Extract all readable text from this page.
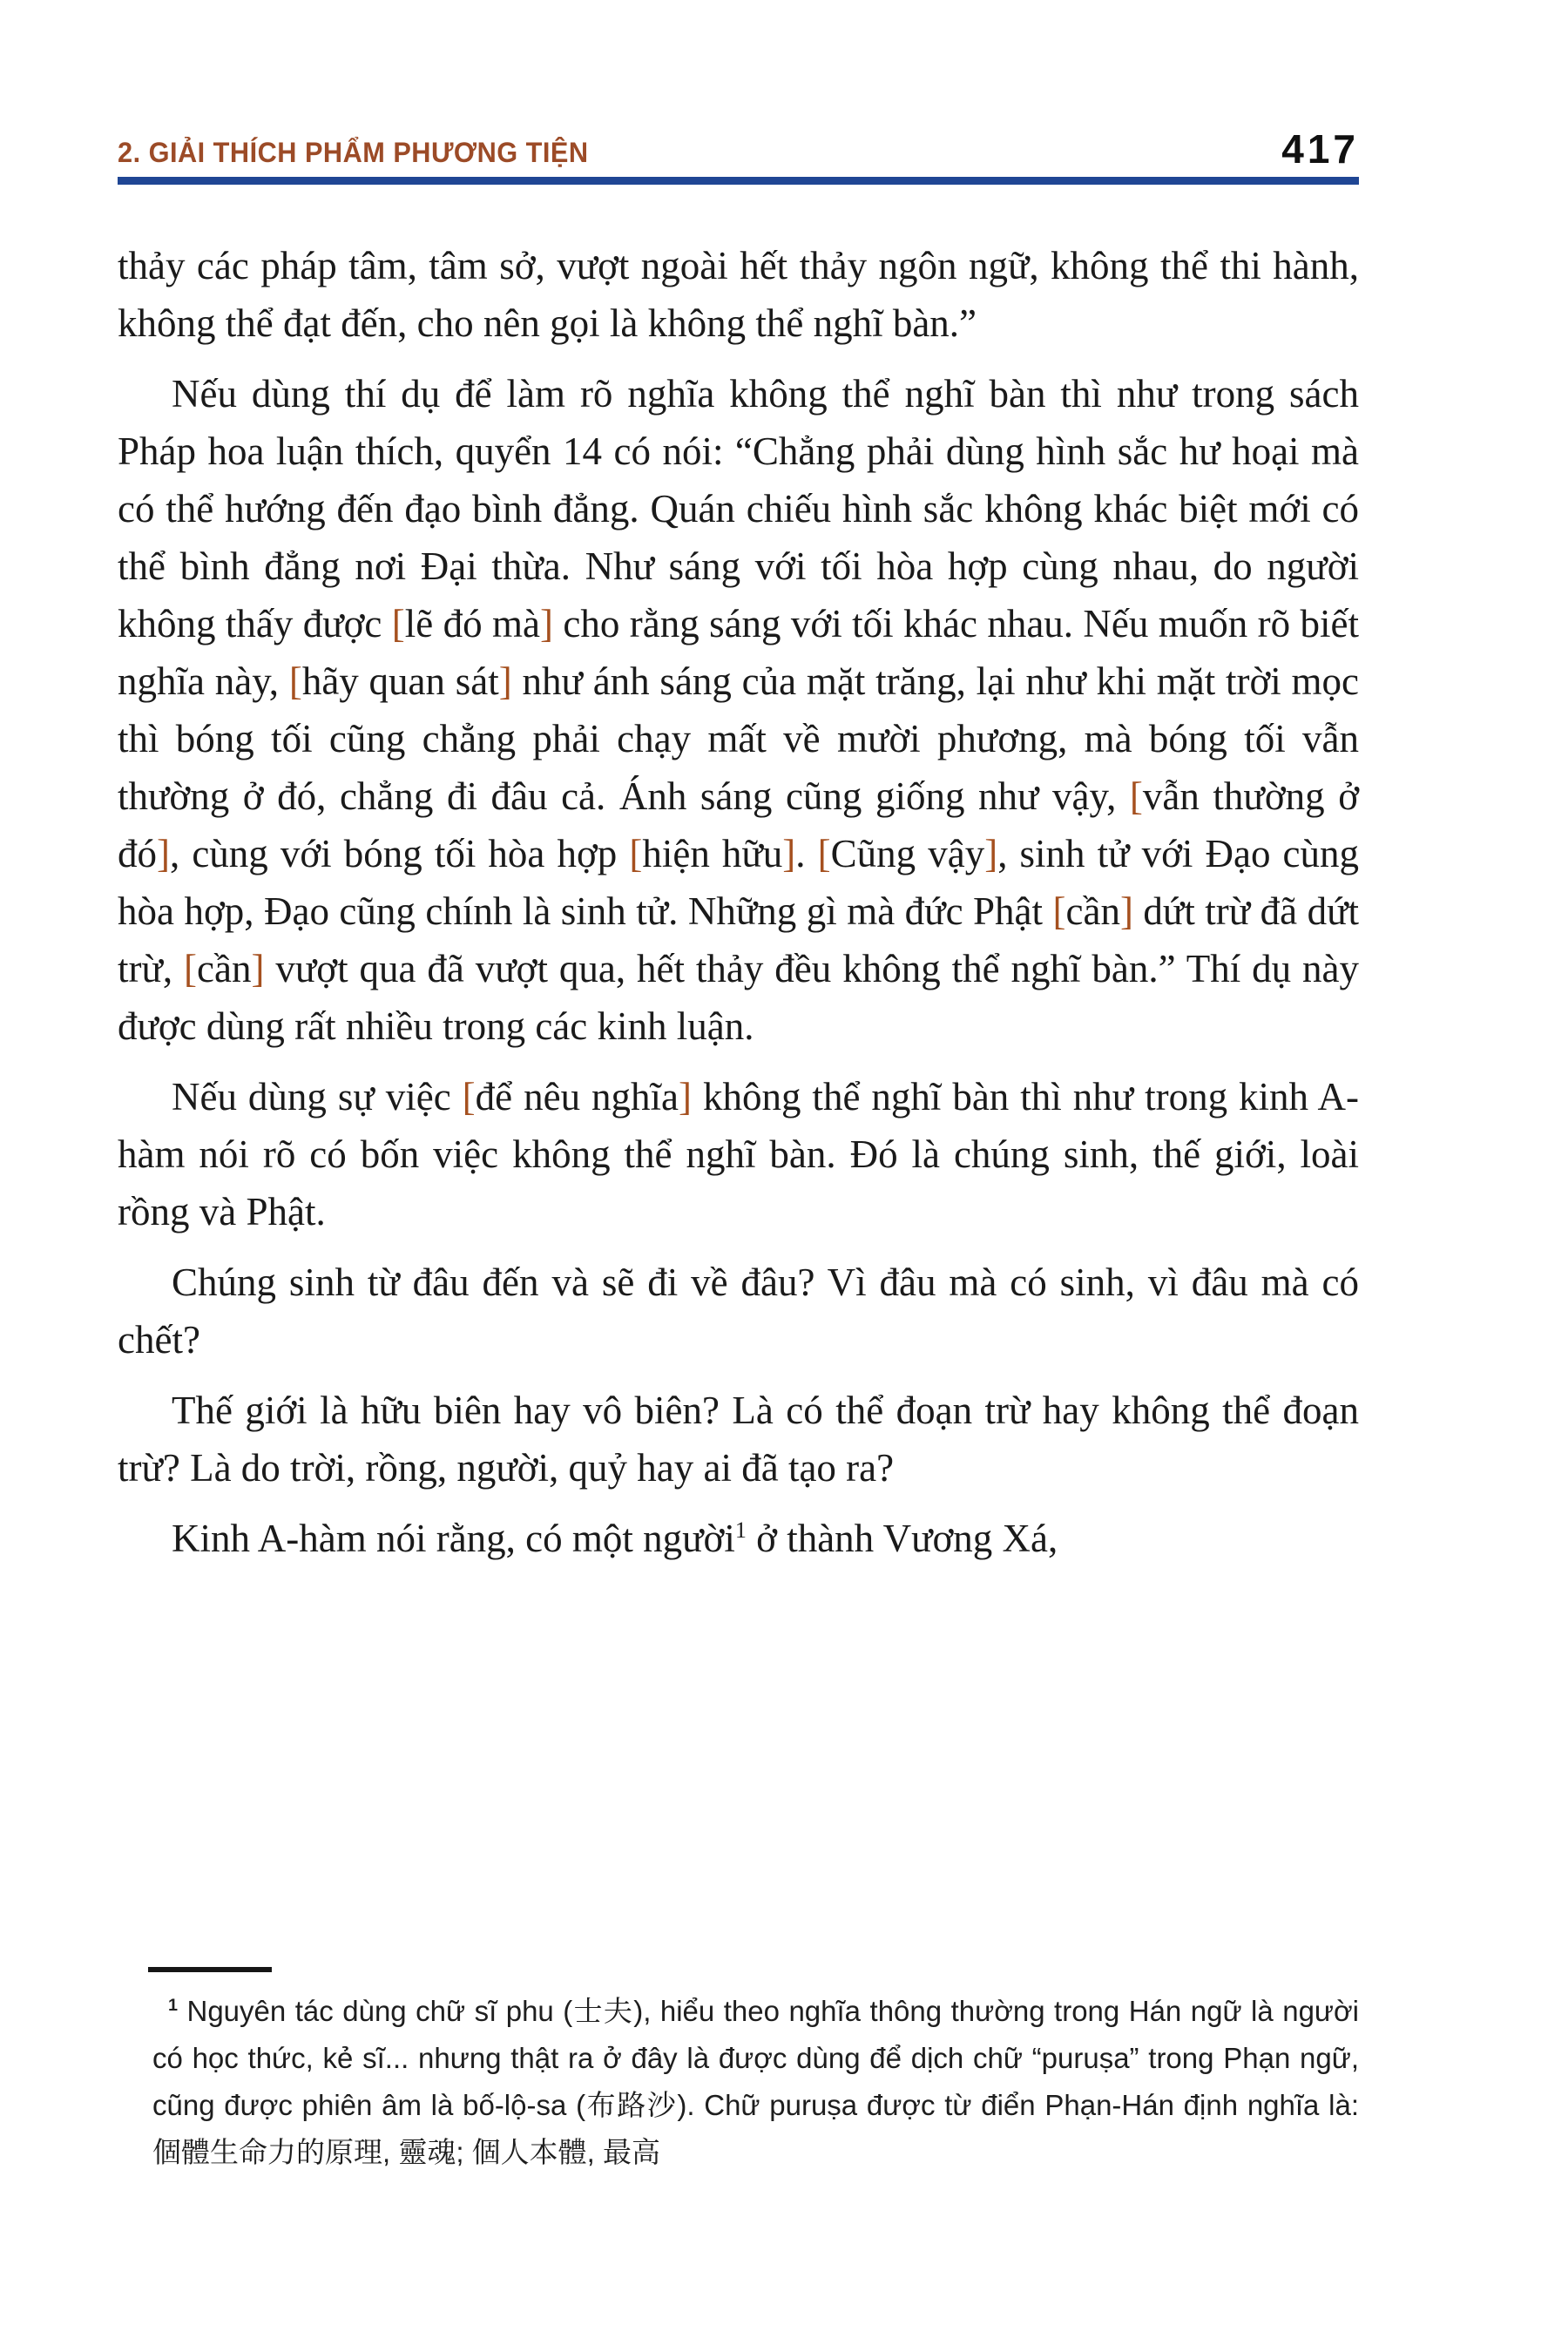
2. GIẢI THÍCH PHẨM PHƯƠNG TIỆN	417

thảy các pháp tâm, tâm sở, vượt ngoài hết thảy ngôn ngữ, không thể thi hành, không thể đạt đến, cho nên gọi là không thể nghĩ bàn.”

Nếu dùng thí dụ để làm rõ nghĩa không thể nghĩ bàn thì như trong sách Pháp hoa luận thích, quyển 14 có nói: “Chẳng phải dùng hình sắc hư hoại mà có thể hướng đến đạo bình đẳng. Quán chiếu hình sắc không khác biệt mới có thể bình đẳng nơi Đại thừa. Như sáng với tối hòa hợp cùng nhau, do người không thấy được [lẽ đó mà] cho rằng sáng với tối khác nhau. Nếu muốn rõ biết nghĩa này, [hãy quan sát] như ánh sáng của mặt trăng, lại như khi mặt trời mọc thì bóng tối cũng chẳng phải chạy mất về mười phương, mà bóng tối vẫn thường ở đó, chẳng đi đâu cả. Ánh sáng cũng giống như vậy, [vẫn thường ở đó], cùng với bóng tối hòa hợp [hiện hữu]. [Cũng vậy], sinh tử với Đạo cùng hòa hợp, Đạo cũng chính là sinh tử. Những gì mà đức Phật [cần] dứt trừ đã dứt trừ, [cần] vượt qua đã vượt qua, hết thảy đều không thể nghĩ bàn.” Thí dụ này được dùng rất nhiều trong các kinh luận.

Nếu dùng sự việc [để nêu nghĩa] không thể nghĩ bàn thì như trong kinh A-hàm nói rõ có bốn việc không thể nghĩ bàn. Đó là chúng sinh, thế giới, loài rồng và Phật.

Chúng sinh từ đâu đến và sẽ đi về đâu? Vì đâu mà có sinh, vì đâu mà có chết?

Thế giới là hữu biên hay vô biên? Là có thể đoạn trừ hay không thể đoạn trừ? Là do trời, rồng, người, quỷ hay ai đã tạo ra?

Kinh A-hàm nói rằng, có một người$^1$ ở thành Vương Xá,

$^1$ Nguyên tác dùng chữ sĩ phu (士夫), hiểu theo nghĩa thông thường trong Hán ngữ là người có học thức, kẻ sĩ... nhưng thật ra ở đây là được dùng để dịch chữ “puruṣa” trong Phạn ngữ, cũng được phiên âm là bố-lộ-sa (布路沙). Chữ puruṣa được từ điển Phạn-Hán định nghĩa là: 個體生命力的原理, 靈魂; 個人本體, 最高
